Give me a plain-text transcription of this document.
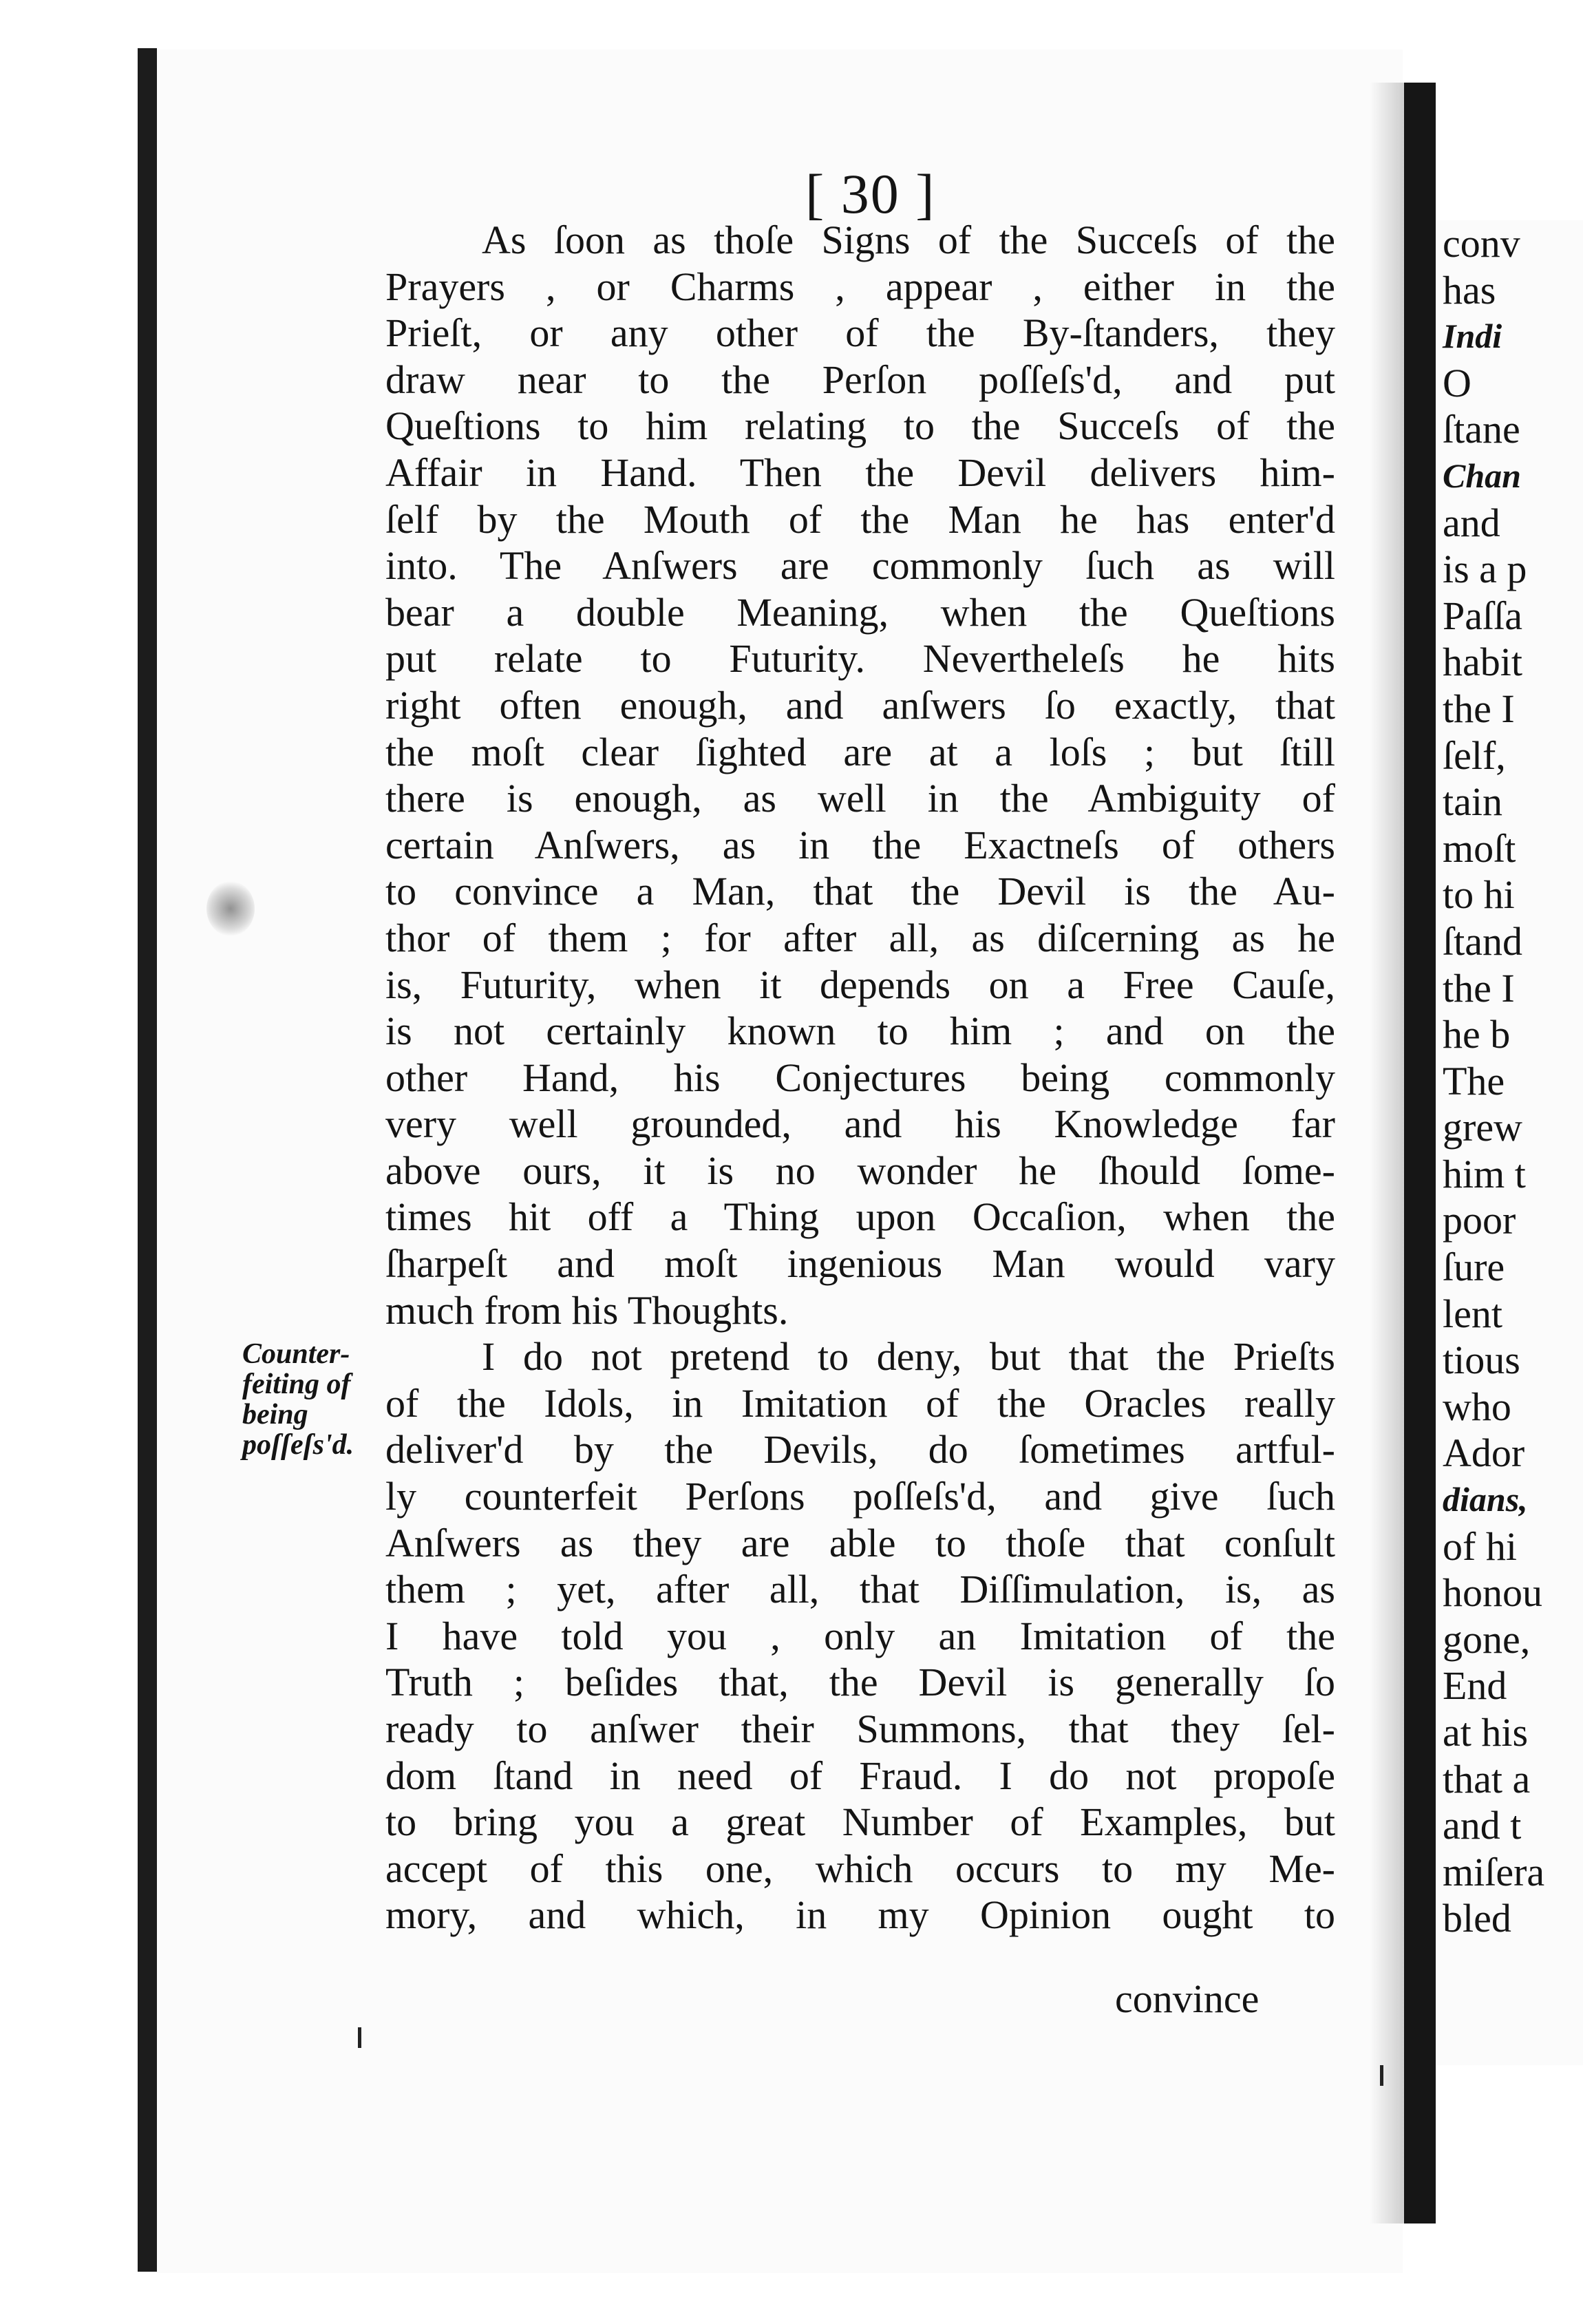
[ 30 ]
As ſoon as thoſe Signs of the Succeſs of the
Prayers , or Charms , appear , either in the
Prieſt, or any other of the By-ſtanders, they
draw near to the Perſon poſſeſs'd, and put
Queſtions to him relating to the Succeſs of the
Affair in Hand. Then the Devil delivers him-
ſelf by the Mouth of the Man he has enter'd
into. The Anſwers are commonly ſuch as will
bear a double Meaning, when the Queſtions
put relate to Futurity. Nevertheleſs he hits
right often enough, and anſwers ſo exactly, that
the moſt clear ſighted are at a loſs ; but ſtill
there is enough, as well in the Ambiguity of
certain Anſwers, as in the Exactneſs of others
to convince a Man, that the Devil is the Au-
thor of them ; for after all, as diſcerning as he
is, Futurity, when it depends on a Free Cauſe,
is not certainly known to him ; and on the
other Hand, his Conjectures being commonly
very well grounded, and his Knowledge far
above ours, it is no wonder he ſhould ſome-
times hit off a Thing upon Occaſion, when the
ſharpeſt and moſt ingenious Man would vary
much from his Thoughts.
I do not pretend to deny, but that the Prieſts
of the Idols, in Imitation of the Oracles really
deliver'd by the Devils, do ſometimes artful-
ly counterfeit Perſons poſſeſs'd, and give ſuch
Anſwers as they are able to thoſe that conſult
them ; yet, after all, that Diſſimulation, is, as
I have told you , only an Imitation of the
Truth ; beſides that, the Devil is generally ſo
ready to anſwer their Summons, that they ſel-
dom ſtand in need of Fraud. I do not propoſe
to bring you a great Number of Examples, but
accept of this one, which occurs to my Me-
mory, and which, in my Opinion ought to
Counter-
feiting of
being
poſſeſs'd.
convince
conv
has
Indi
O
ſtane
Chan
and
is a p
Paſſa
habit
the I
ſelf,
tain
moſt
to hi
ſtand
the I
he b
The
grew
him t
poor
ſure
lent
tious
who
Ador
dians,
of hi
honou
gone,
End
at his
that a
and t
miſera
bled
